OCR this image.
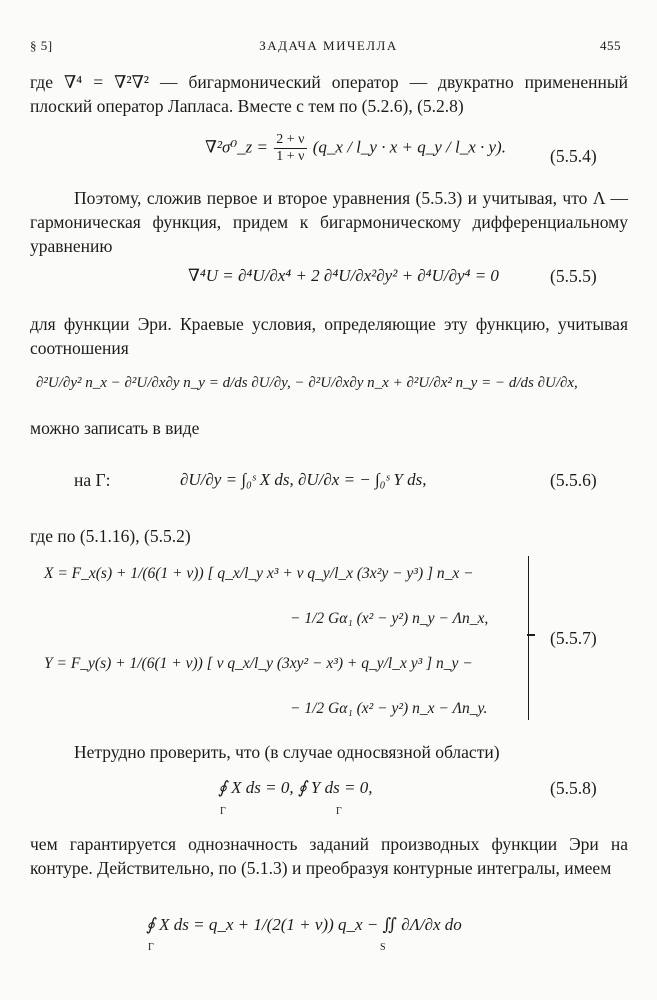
§ 5]	ЗАДАЧА МИЧЕЛЛА	455
где ∇⁴ = ∇²∇² — бигармонический оператор — двукратно примененный плоский оператор Лапласа. Вместе с тем по (5.2.6), (5.2.8)
∇²σ⁰_z = $\frac{2 + \nu}{1 + \nu}$ (q_x / l_y · x + q_y / l_x · y).	(5.5.4)
Поэтому, сложив первое и второе уравнения (5.5.3) и учитывая, что Λ — гармоническая функция, придем к бигармоническому дифференциальному уравнению
∇⁴U = ∂⁴U/∂x⁴ + 2 ∂⁴U/∂x²∂y² + ∂⁴U/∂y⁴ = 0	(5.5.5)
для функции Эри. Краевые условия, определяющие эту функцию, учитывая соотношения
∂²U/∂y² n_x − ∂²U/∂x∂y n_y = d/ds ∂U/∂y, − ∂²U/∂x∂y n_x + ∂²U/∂x² n_y = − d/ds ∂U/∂x,
можно записать в виде
на Γ:	∂U/∂y = ∫₀ˢ X ds, ∂U/∂x = − ∫₀ˢ Y ds,	(5.5.6)
где по (5.1.16), (5.5.2)
X = F_x(s) + 1/(6(1 + ν)) [ q_x/l_y x³ + ν q_y/l_x (3x²y − y³) ] n_x −
− 1/2 Gα₁ (x² − y²) n_y − Λn_x,
Y = F_y(s) + 1/(6(1 + ν)) [ ν q_x/l_y (3xy² − x³) + q_y/l_x y³ ] n_y −
− 1/2 Gα₁ (x² − y²) n_x − Λn_y.
(5.5.7)
Нетрудно проверить, что (в случае односвязной области)
∮ X ds = 0, ∮ Y ds = 0,
Γ	Γ
(5.5.8)
чем гарантируется однозначность заданий производных функции Эри на контуре. Действительно, по (5.1.3) и преобразуя контурные интегралы, имеем
∮ X ds = q_x + 1/(2(1 + ν)) q_x − ∬ ∂Λ/∂x do
Γ	S
